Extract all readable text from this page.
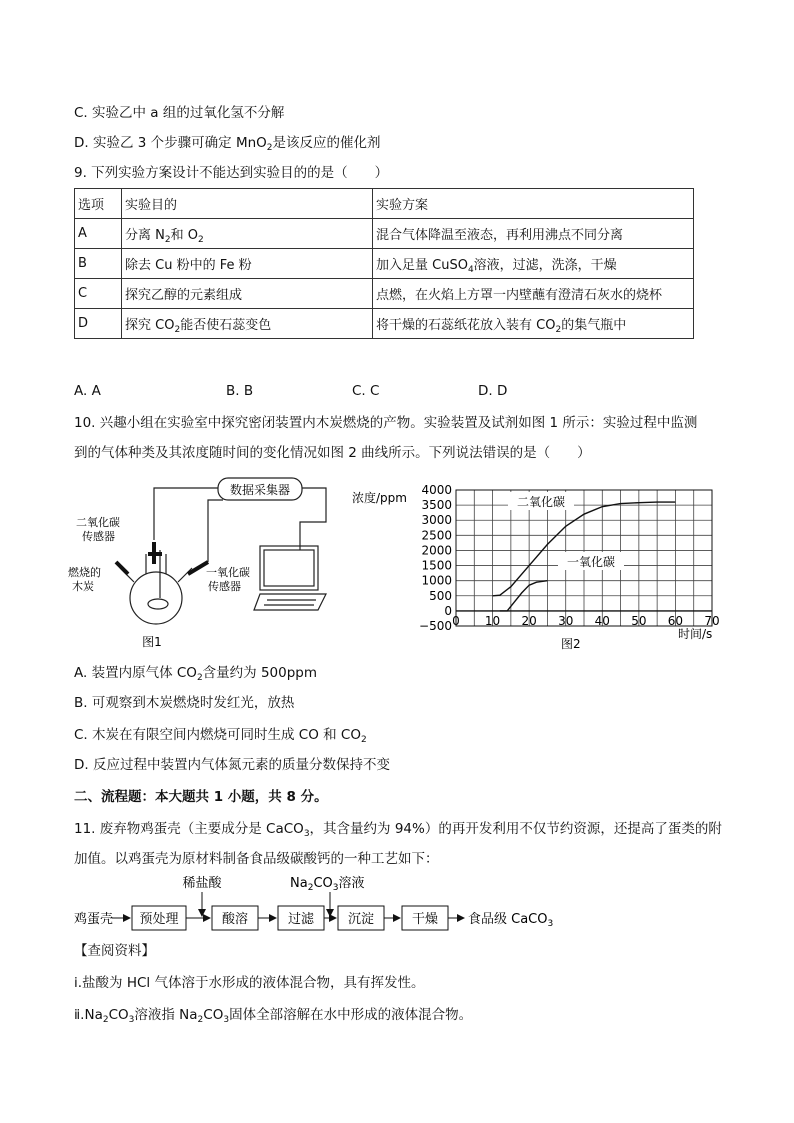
C. 实验乙中 a 组的过氧化氢不分解
D. 实验乙 3 个步骤可确定 MnO$_2$是该反应的催化剂
9. 下列实验方案设计不能达到实验目的的是（　　）
选项	实验目的	实验方案
A	分离 $N_2$和 $O_2$	混合气体降温至液态，再利用沸点不同分离
B	除去 Cu 粉中的 Fe 粉	加入足量 CuSO$_4$溶液，过滤，洗涤，干燥
C	探究乙醇的元素组成	点燃，在火焰上方罩一内壁蘸有澄清石灰水的烧杯
D	探究 $CO_2$能否使石蕊变色	将干燥的石蕊纸花放入装有 $CO_2$的集气瓶中
A. A	B. B	C. C	D. D
10. 兴趣小组在实验室中探究密闭装置内木炭燃烧的产物。实验装置及试剂如图 1 所示：实验过程中监测
到的气体种类及其浓度随时间的变化情况如图 2 曲线所示。下列说法错误的是（　　）
数据采集器
二氧化碳
传感器
一氧化碳
传感器
燃烧的
木炭
图1
浓度/ppm
时间/s
图2
4000
3500
3000
2500
2000
1500
1000
500
0
−500 0 10 20 30 40 50 60 70
二氧化碳
一氧化碳
A. 装置内原气体 $CO_2$含量约为 500ppm
B. 可观察到木炭燃烧时发红光，放热
C. 木炭在有限空间内燃烧可同时生成 CO 和 $CO_2$
D. 反应过程中装置内气体氮元素的质量分数保持不变
二、流程题：本大题共 1 小题，共 8 分。
11. 废弃物鸡蛋壳（主要成分是 CaCO$_3$，其含量约为 94%）的再开发利用不仅节约资源，还提高了蛋类的附
加值。以鸡蛋壳为原材料制备食品级碳酸钙的一种工艺如下：
鸡蛋壳 预处理	酸溶	过滤	沉淀	干燥
稀盐酸	$Na_2CO_3$溶液
食品级 CaCO$_3$
【查阅资料】
ⅰ.盐酸为 HCl 气体溶于水形成的液体混合物，具有挥发性。
$ⅱ.Na_2CO_3$溶液指 $Na_2CO_3$固体全部溶解在水中形成的液体混合物。
